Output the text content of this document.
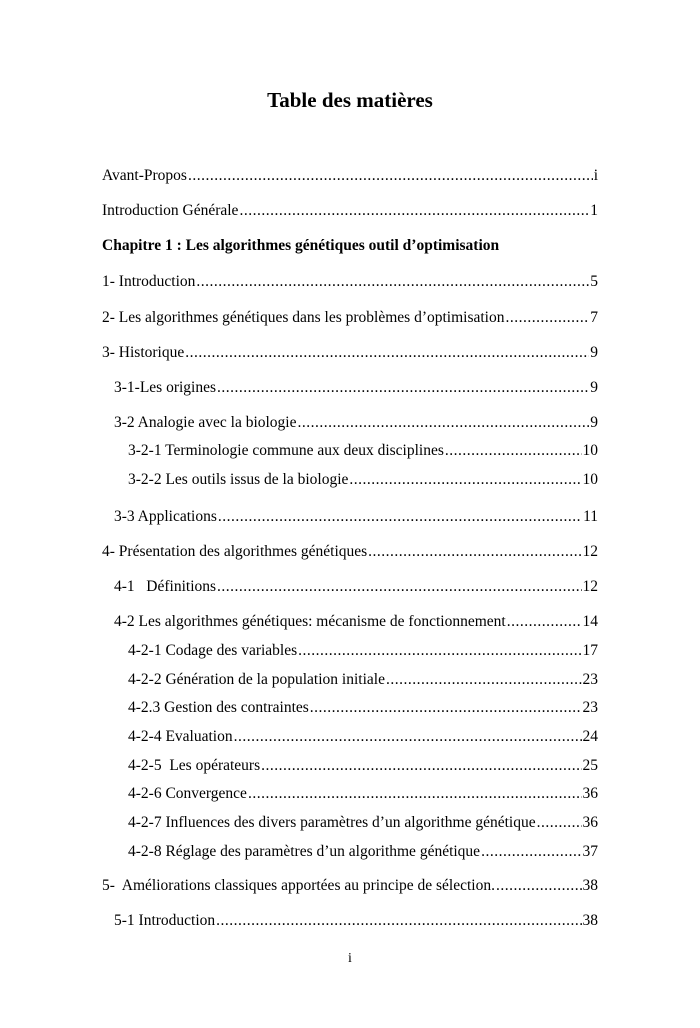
Table des matières
Avant-Propos .....	i
Introduction Générale .....	1
Chapitre 1 : Les algorithmes génétiques outil d’optimisation
1- Introduction .....	5
2- Les algorithmes génétiques dans les problèmes d’optimisation .....	7
3- Historique .....	9
3-1-Les origines .....	9
3-2 Analogie avec la biologie .....	9
3-2-1 Terminologie commune aux deux disciplines .....	10
3-2-2 Les outils issus de la biologie .....	10
3-3 Applications .....	11
4- Présentation des algorithmes génétiques .....	12
4-1   Définitions .....	12
4-2 Les algorithmes génétiques: mécanisme de fonctionnement .....	14
4-2-1 Codage des variables .....	17
4-2-2 Génération de la population initiale .....	23
4-2.3 Gestion des contraintes .....	23
4-2-4 Evaluation .....	24
4-2-5  Les opérateurs .....	25
4-2-6 Convergence .....	36
4-2-7 Influences des divers paramètres d’un algorithme génétique .....	36
4-2-8 Réglage des paramètres d’un algorithme génétique .....	37
5-  Améliorations classiques apportées au principe de sélection. .....	38
5-1 Introduction .....	38
i
